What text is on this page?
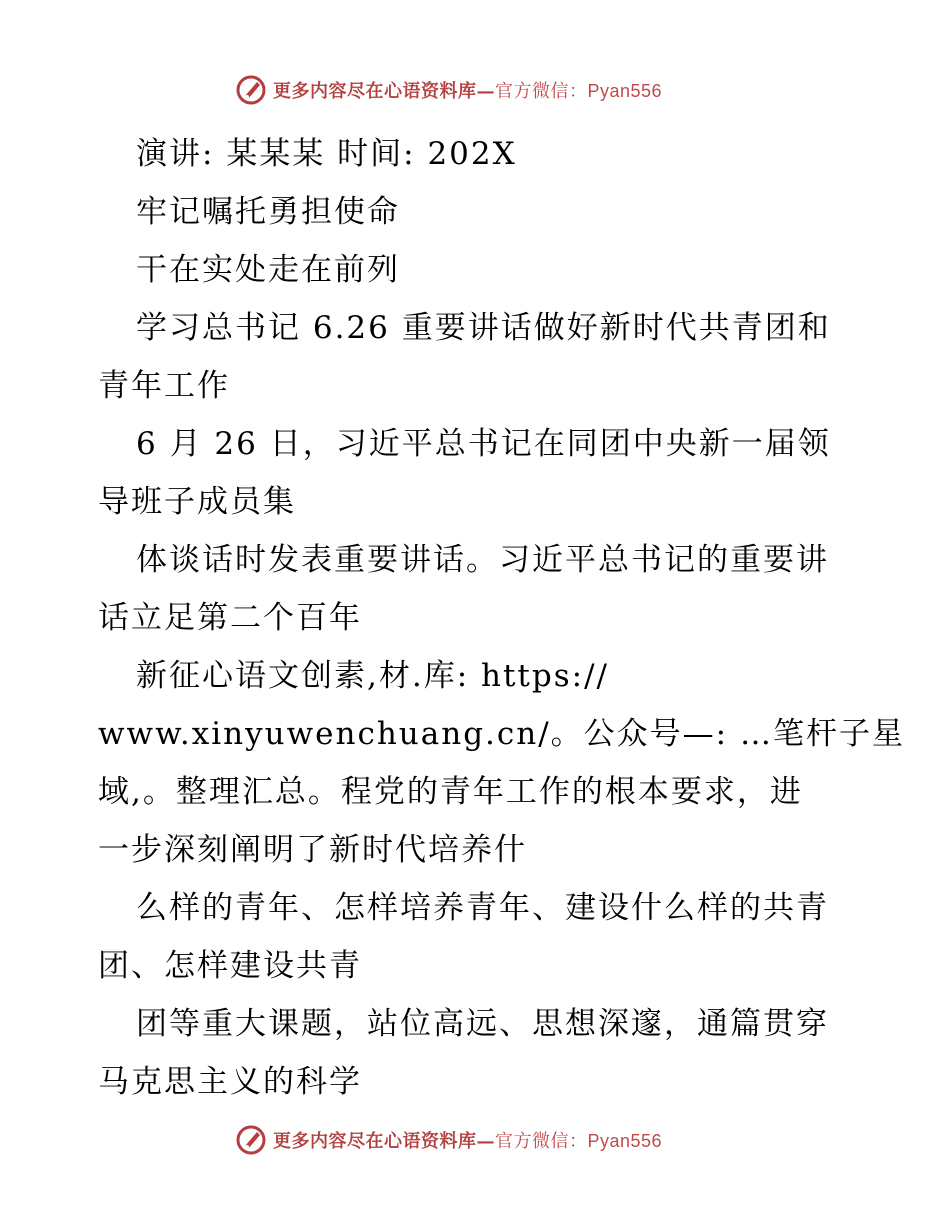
更多内容尽在心语资料库—官方微信：Pyan556
演讲: 某某某 时间: 202X
牢记嘱托勇担使命
干在实处走在前列
学习总书记 6.26 重要讲话做好新时代共青团和
青年工作
6 月 26 日，习近平总书记在同团中央新一届领
导班子成员集
体谈话时发表重要讲话。习近平总书记的重要讲
话立足第二个百年
新征心语文创素,材.库: https://
www.xinyuwenchuang.cn/。公众号—: …笔杆子星
域,。整理汇总。程党的青年工作的根本要求，进
一步深刻阐明了新时代培养什
么样的青年、怎样培养青年、建设什么样的共青
团、怎样建设共青
团等重大课题，站位高远、思想深邃，通篇贯穿
马克思主义的科学
更多内容尽在心语资料库—官方微信：Pyan556
